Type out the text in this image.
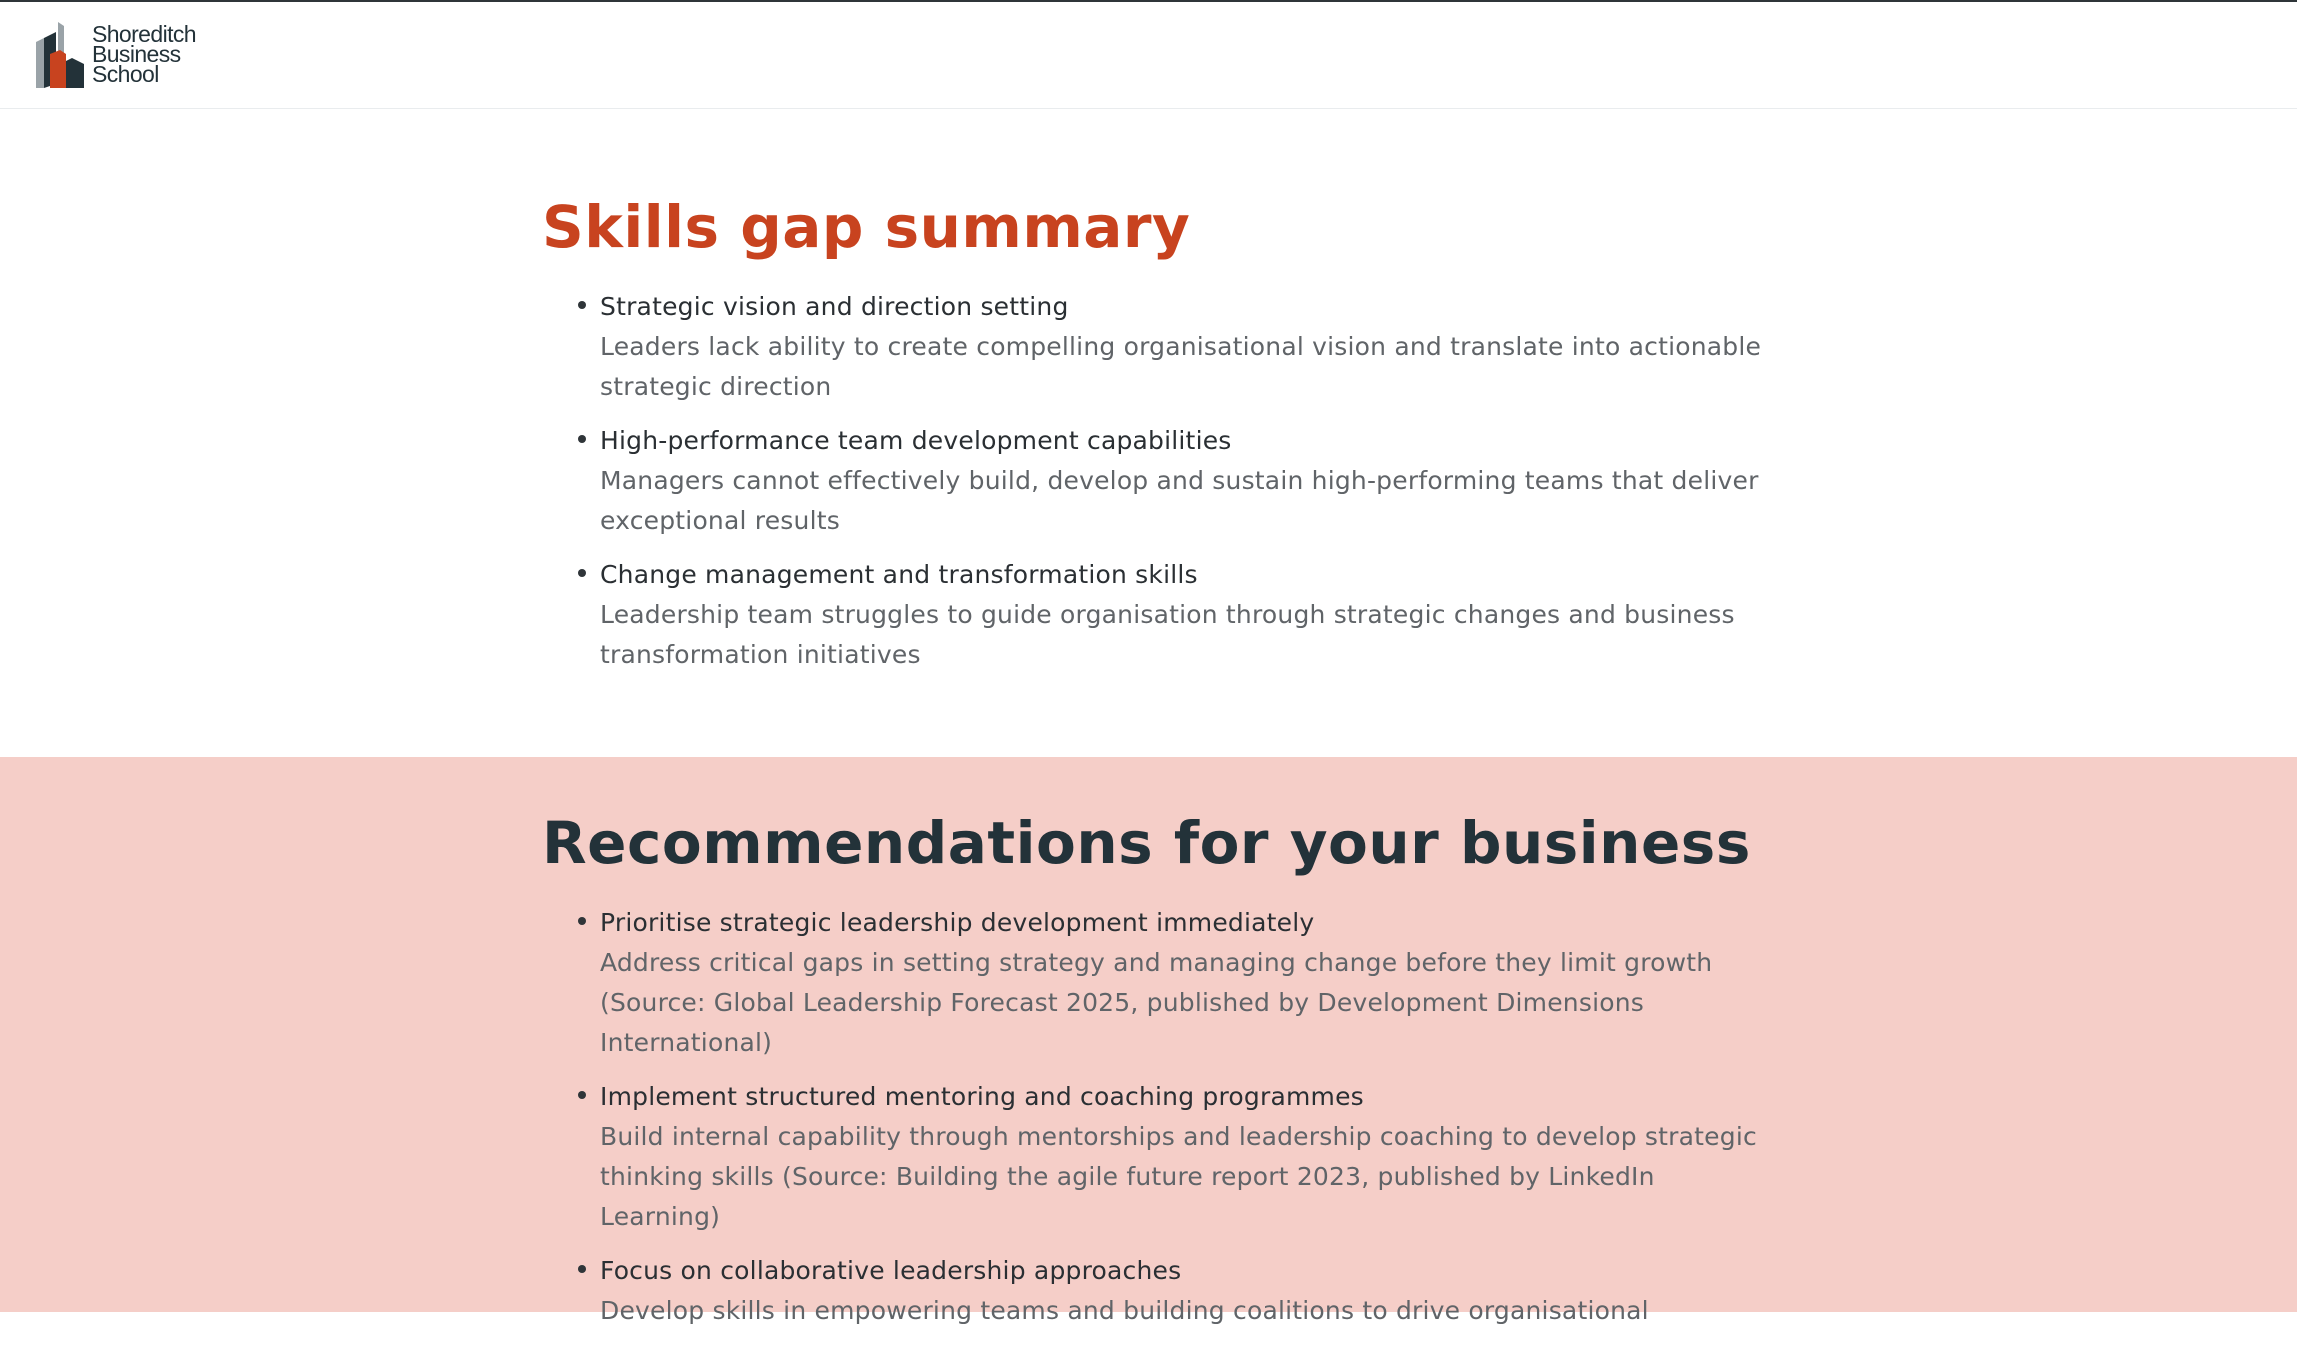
Shoreditch
Business
School
Skills gap summary
Strategic vision and direction setting
Leaders lack ability to create compelling organisational vision and translate into actionable strategic direction
High-performance team development capabilities
Managers cannot effectively build, develop and sustain high-performing teams that deliver exceptional results
Change management and transformation skills
Leadership team struggles to guide organisation through strategic changes and business transformation initiatives
Recommendations for your business
Prioritise strategic leadership development immediately
Address critical gaps in setting strategy and managing change before they limit growth (Source: Global Leadership Forecast 2025, published by Development Dimensions International)
Implement structured mentoring and coaching programmes
Build internal capability through mentorships and leadership coaching to develop strategic thinking skills (Source: Building the agile future report 2023, published by LinkedIn Learning)
Focus on collaborative leadership approaches
Develop skills in empowering teams and building coalitions to drive organisational
